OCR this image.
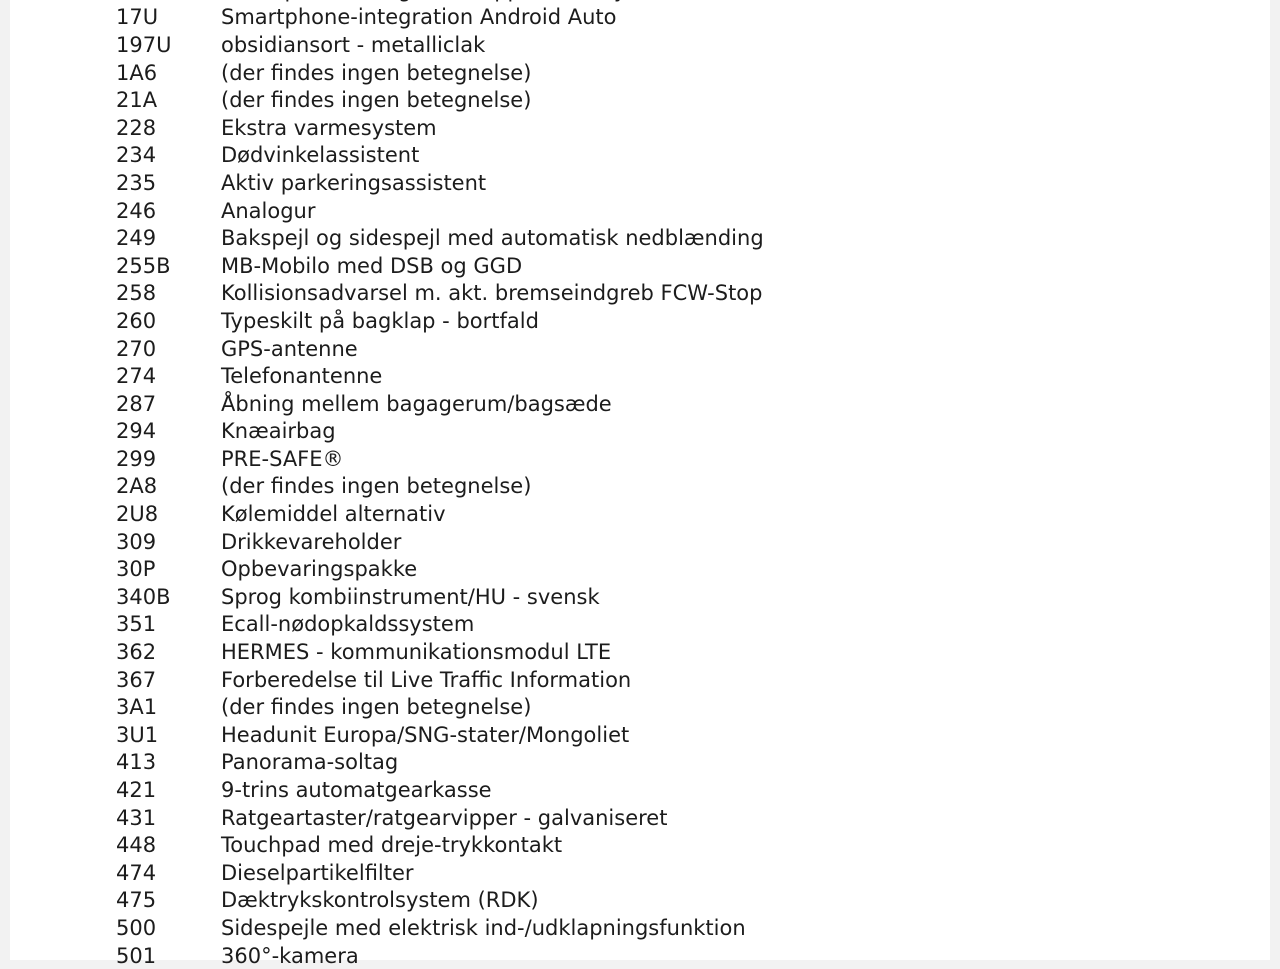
17U	Smartphone-integration Android Auto
197U	obsidiansort - metalliclak
1A6	(der findes ingen betegnelse)
21A	(der findes ingen betegnelse)
228	Ekstra varmesystem
234	Dødvinkelassistent
235	Aktiv parkeringsassistent
246	Analogur
249	Bakspejl og sidespejl med automatisk nedblænding
255B	MB-Mobilo med DSB og GGD
258	Kollisionsadvarsel m. akt. bremseindgreb FCW-Stop
260	Typeskilt på bagklap - bortfald
270	GPS-antenne
274	Telefonantenne
287	Åbning mellem bagagerum/bagsæde
294	Knæairbag
299	PRE-SAFE®
2A8	(der findes ingen betegnelse)
2U8	Kølemiddel alternativ
309	Drikkevareholder
30P	Opbevaringspakke
340B	Sprog kombiinstrument/HU - svensk
351	Ecall-nødopkaldssystem
362	HERMES - kommunikationsmodul LTE
367	Forberedelse til Live Traffic Information
3A1	(der findes ingen betegnelse)
3U1	Headunit Europa/SNG-stater/Mongoliet
413	Panorama-soltag
421	9-trins automatgearkasse
431	Ratgeartaster/ratgearvipper - galvaniseret
448	Touchpad med dreje-trykkontakt
474	Dieselpartikelfilter
475	Dæktrykskontrolsystem (RDK)
500	Sidespejle med elektrisk ind-/udklapningsfunktion
501	360°-kamera
